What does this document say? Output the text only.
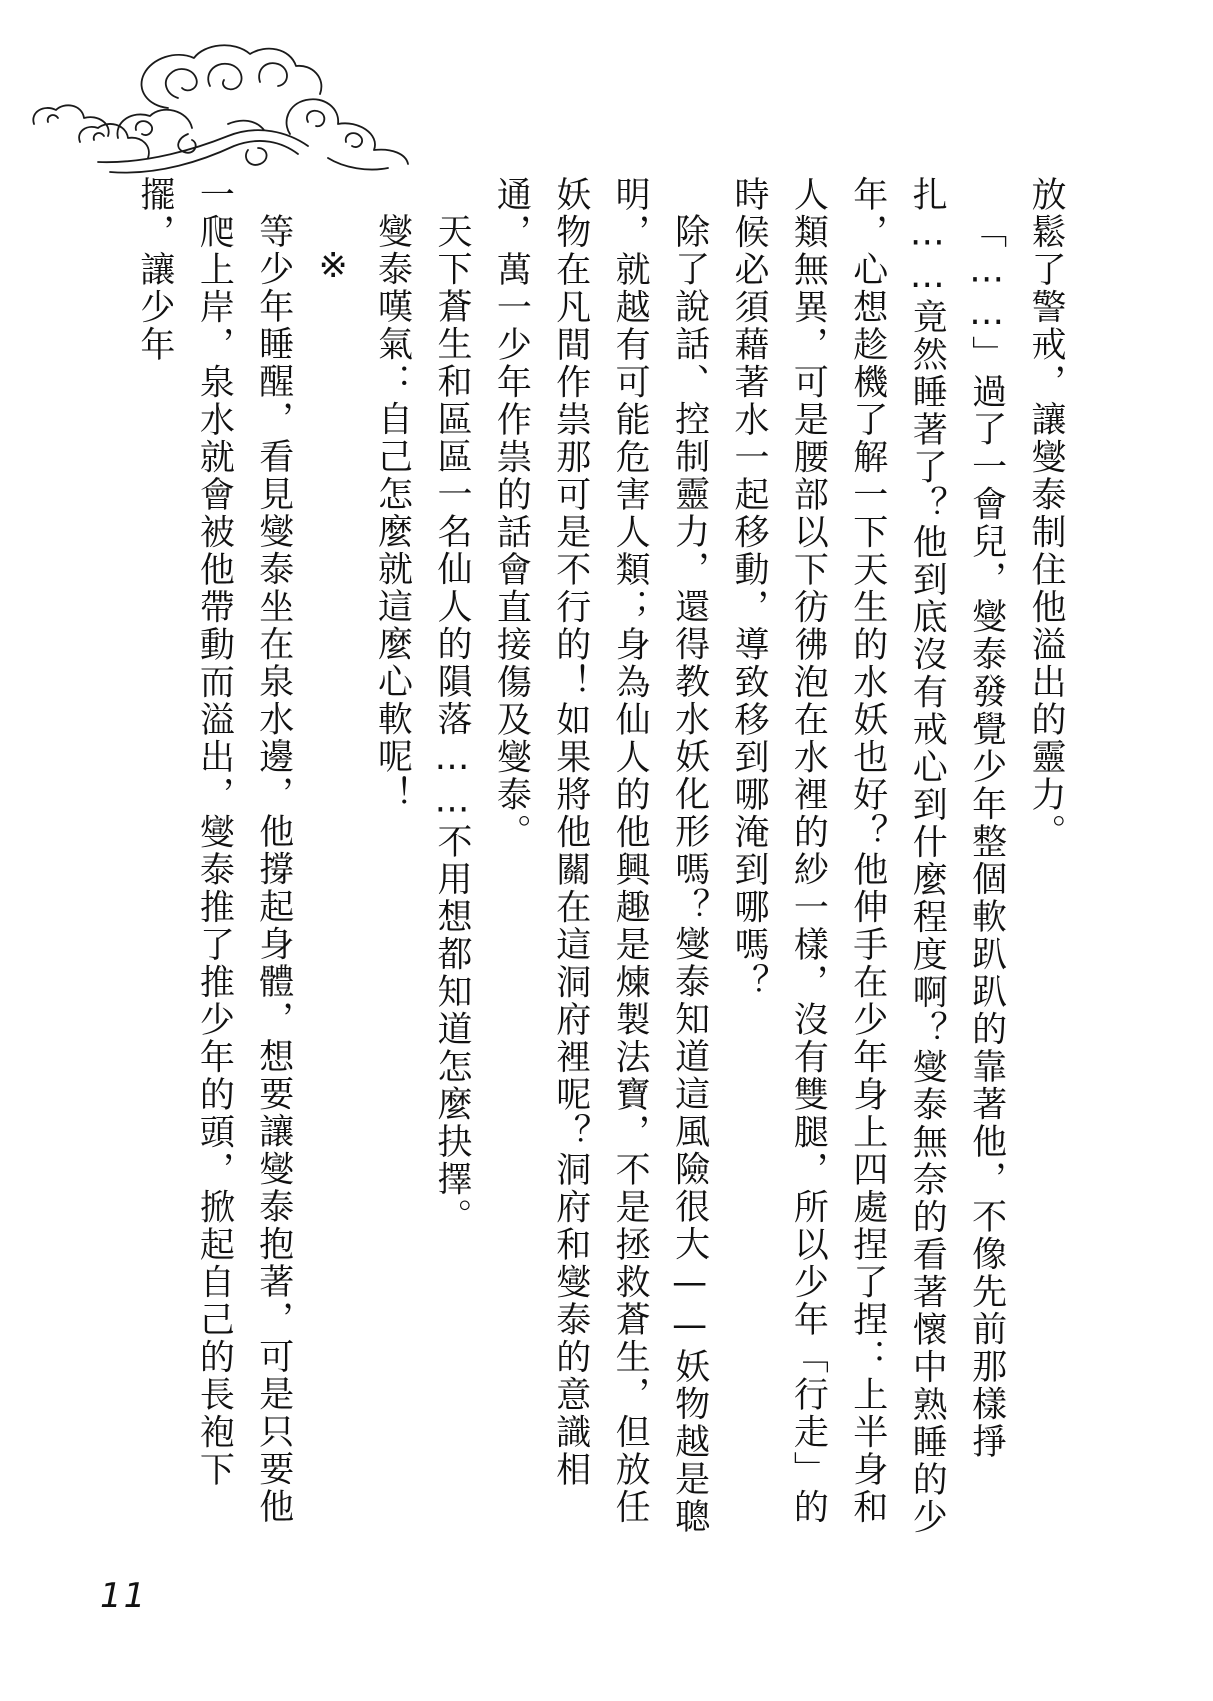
放鬆了警戒，讓燮泰制住他溢出的靈力。

「……」過了一會兒，燮泰發覺少年整個軟趴趴的靠著他，不像先前那樣掙扎……竟然睡著了？他到底沒有戒心到什麼程度啊？燮泰無奈的看著懷中熟睡的少年，心想趁機了解一下天生的水妖也好？他伸手在少年身上四處捏了捏：上半身和人類無異，可是腰部以下彷彿泡在水裡的紗一樣，沒有雙腿，所以少年「行走」的時候必須藉著水一起移動，導致移到哪淹到哪嗎？

除了說話、控制靈力，還得教水妖化形嗎？燮泰知道這風險很大——妖物越是聰明，就越有可能危害人類；身為仙人的他興趣是煉製法寶，不是拯救蒼生，但放任妖物在凡間作祟那可是不行的！如果將他關在這洞府裡呢？洞府和燮泰的意識相通，萬一少年作祟的話會直接傷及燮泰。

天下蒼生和區區一名仙人的隕落……不用想都知道怎麼抉擇。

燮泰嘆氣：自己怎麼就這麼心軟呢！

※

等少年睡醒，看見燮泰坐在泉水邊，他撐起身體，想要讓燮泰抱著，可是只要他一爬上岸，泉水就會被他帶動而溢出，燮泰推了推少年的頭，掀起自己的長袍下擺，讓少年

11
